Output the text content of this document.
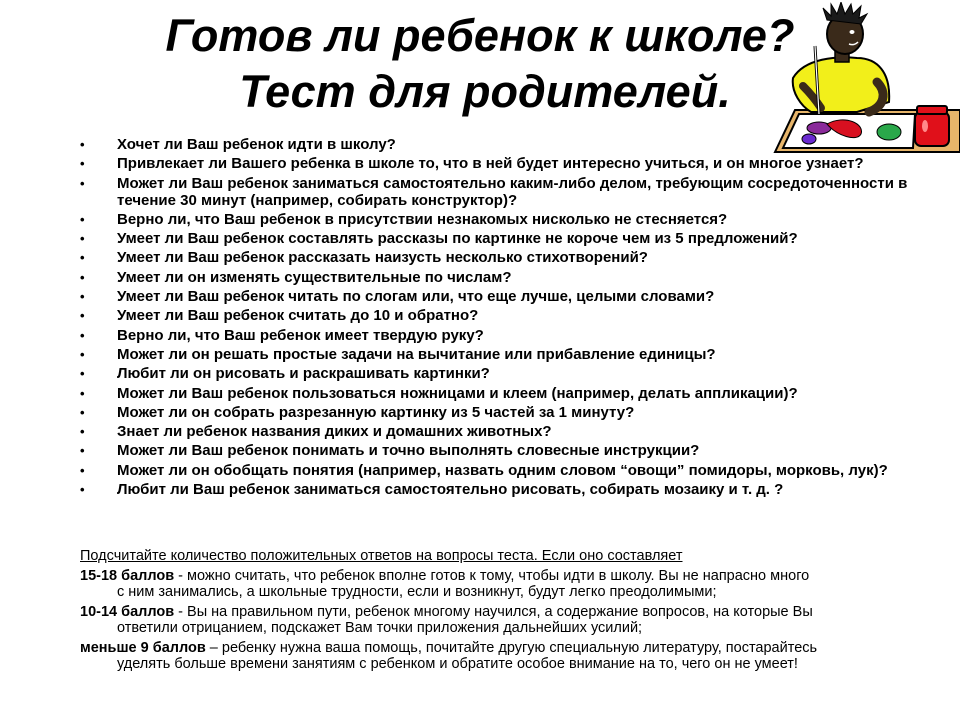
Готов ли ребенок к школе?
Тест для родителей.
• Хочет ли Ваш ребенок идти в школу?
• Привлекает ли Вашего ребенка в школе то, что в ней будет интересно учиться, и он многое узнает?
• Может ли Ваш ребенок заниматься самостоятельно каким-либо делом, требующим сосредоточенности в течение 30 минут (например, собирать конструктор)?
• Верно ли, что Ваш ребенок в присутствии незнакомых нисколько не стесняется?
• Умеет ли Ваш ребенок составлять рассказы по картинке не короче чем из 5 предложений?
• Умеет ли Ваш ребенок рассказать наизусть несколько стихотворений?
• Умеет ли он изменять существительные по числам?
• Умеет ли Ваш ребенок читать по слогам или, что еще лучше, целыми словами?
• Умеет ли Ваш ребенок считать до 10 и обратно?
• Верно ли, что Ваш ребенок имеет твердую руку?
• Может ли он решать простые задачи на вычитание или прибавление единицы?
• Любит ли он рисовать и раскрашивать картинки?
• Может ли Ваш ребенок пользоваться ножницами и клеем (например, делать аппликации)?
• Может ли он собрать разрезанную картинку из 5 частей за 1 минуту?
• Знает ли ребенок названия диких и домашних животных?
• Может ли Ваш ребенок понимать и точно выполнять словесные инструкции?
• Может ли он обобщать понятия (например, назвать одним словом “овощи” помидоры, морковь, лук)?
• Любит ли Ваш ребенок заниматься самостоятельно рисовать, собирать мозаику и т. д. ?
Подсчитайте количество положительных ответов на вопросы теста. Если оно составляет
15-18 баллов - можно считать, что ребенок вполне готов к тому, чтобы идти в школу. Вы не напрасно много
с ним занимались, а школьные трудности, если и возникнут, будут легко преодолимыми;
10-14 баллов - Вы на правильном пути, ребенок многому научился, а содержание вопросов, на которые Вы
ответили отрицанием, подскажет Вам точки приложения дальнейших усилий;
меньше 9 баллов – ребенку нужна ваша помощь, почитайте другую специальную литературу, постарайтесь
уделять больше времени занятиям с ребенком и обратите особое внимание на то, чего он не умеет!
